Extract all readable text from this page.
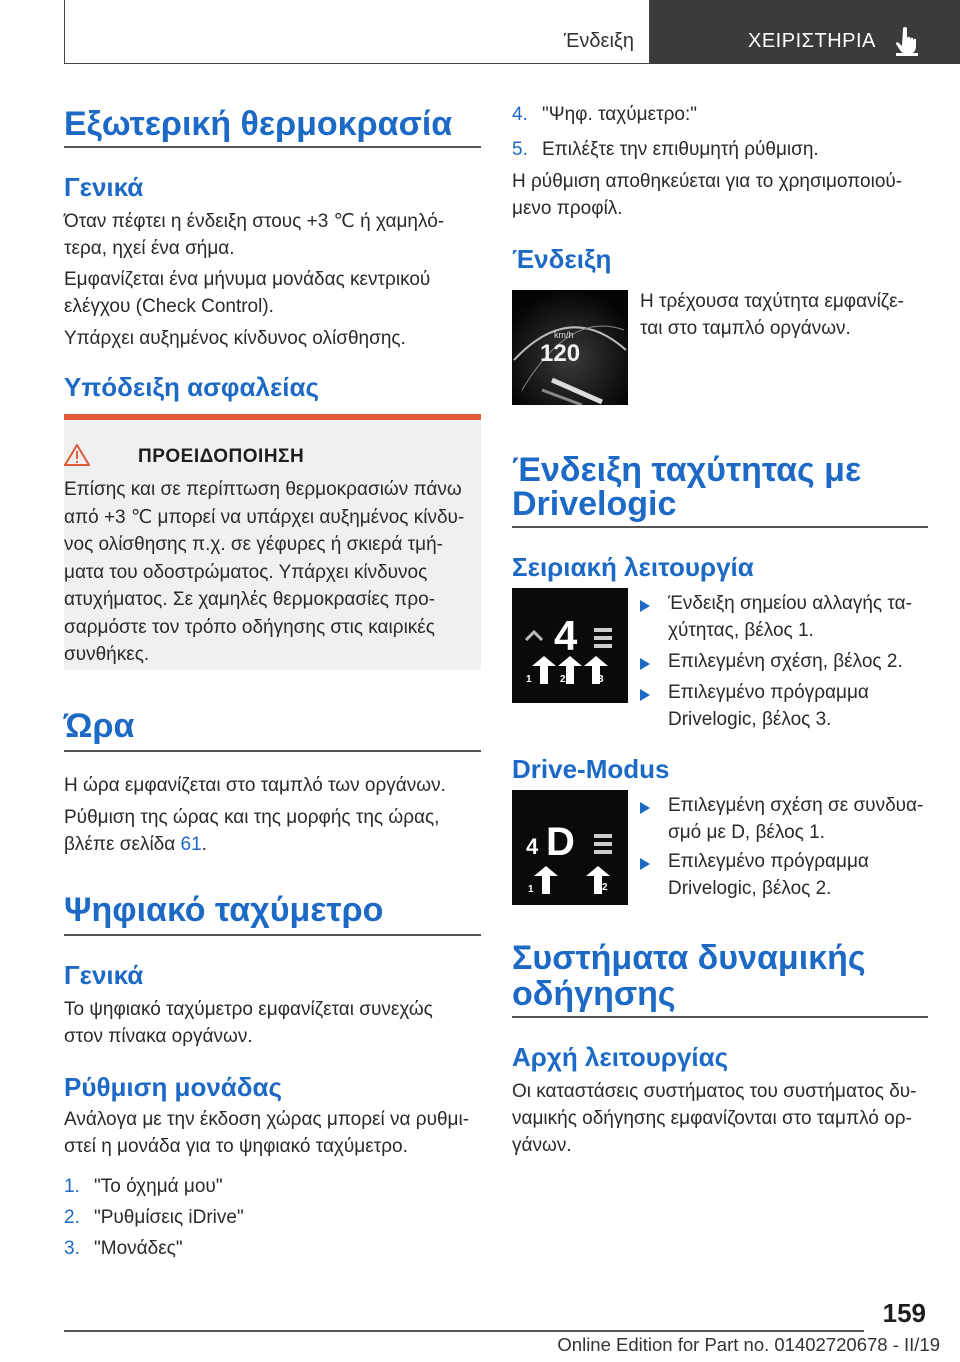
Ένδειξη	ΧΕΙΡΙΣΤΗΡΙΑ
Εξωτερική θερμοκρασία
Γενικά
Όταν πέφτει η ένδειξη στους +3 ℃ ή χαμηλό-
τερα, ηχεί ένα σήμα.
Εμφανίζεται ένα μήνυμα μονάδας κεντρικού
ελέγχου (Check Control).
Υπάρχει αυξημένος κίνδυνος ολίσθησης.
Υπόδειξη ασφαλείας
ΠΡΟΕΙΔΟΠΟΙΗΣΗ
Επίσης και σε περίπτωση θερμοκρασιών πάνω
από +3 ℃ μπορεί να υπάρχει αυξημένος κίνδυ-
νος ολίσθησης π.χ. σε γέφυρες ή σκιερά τμή-
ματα του οδοστρώματος. Υπάρχει κίνδυνος
ατυχήματος. Σε χαμηλές θερμοκρασίες προ-
σαρμόστε τον τρόπο οδήγησης στις καιρικές
συνθήκες.
Ώρα
Η ώρα εμφανίζεται στο ταμπλό των οργάνων.
Ρύθμιση της ώρας και της μορφής της ώρας,
βλέπε σελίδα 61.
Ψηφιακό ταχύμετρο
Γενικά
Το ψηφιακό ταχύμετρο εμφανίζεται συνεχώς
στον πίνακα οργάνων.
Ρύθμιση μονάδας
Ανάλογα με την έκδοση χώρας μπορεί να ρυθμι-
στεί η μονάδα για το ψηφιακό ταχύμετρο.
1. "Το όχημά μου"
2. "Ρυθμίσεις iDrive"
3. "Μονάδες"
4. "Ψηφ. ταχύμετρο:"
5. Επιλέξτε την επιθυμητή ρύθμιση.
Η ρύθμιση αποθηκεύεται για το χρησιμοποιού-
μενο προφίλ.
Ένδειξη
km/h
120
Η τρέχουσα ταχύτητα εμφανίζε-
ται στο ταμπλό οργάνων.
Ένδειξη ταχύτητας με
Drivelogic
Σειριακή λειτουργία
1	2	3
4
Ένδειξη σημείου αλλαγής τα-
χύτητας, βέλος 1.
Επιλεγμένη σχέση, βέλος 2.
Επιλεγμένο πρόγραμμα
Drivelogic, βέλος 3.
Drive-Modus
1	2
4 D
Επιλεγμένη σχέση σε συνδυα-
σμό με D, βέλος 1.
Επιλεγμένο πρόγραμμα
Drivelogic, βέλος 2.
Συστήματα δυναμικής
οδήγησης
Αρχή λειτουργίας
Οι καταστάσεις συστήματος του συστήματος δυ-
ναμικής οδήγησης εμφανίζονται στο ταμπλό ορ-
γάνων.
159
Online Edition for Part no. 01402720678 - II/19
